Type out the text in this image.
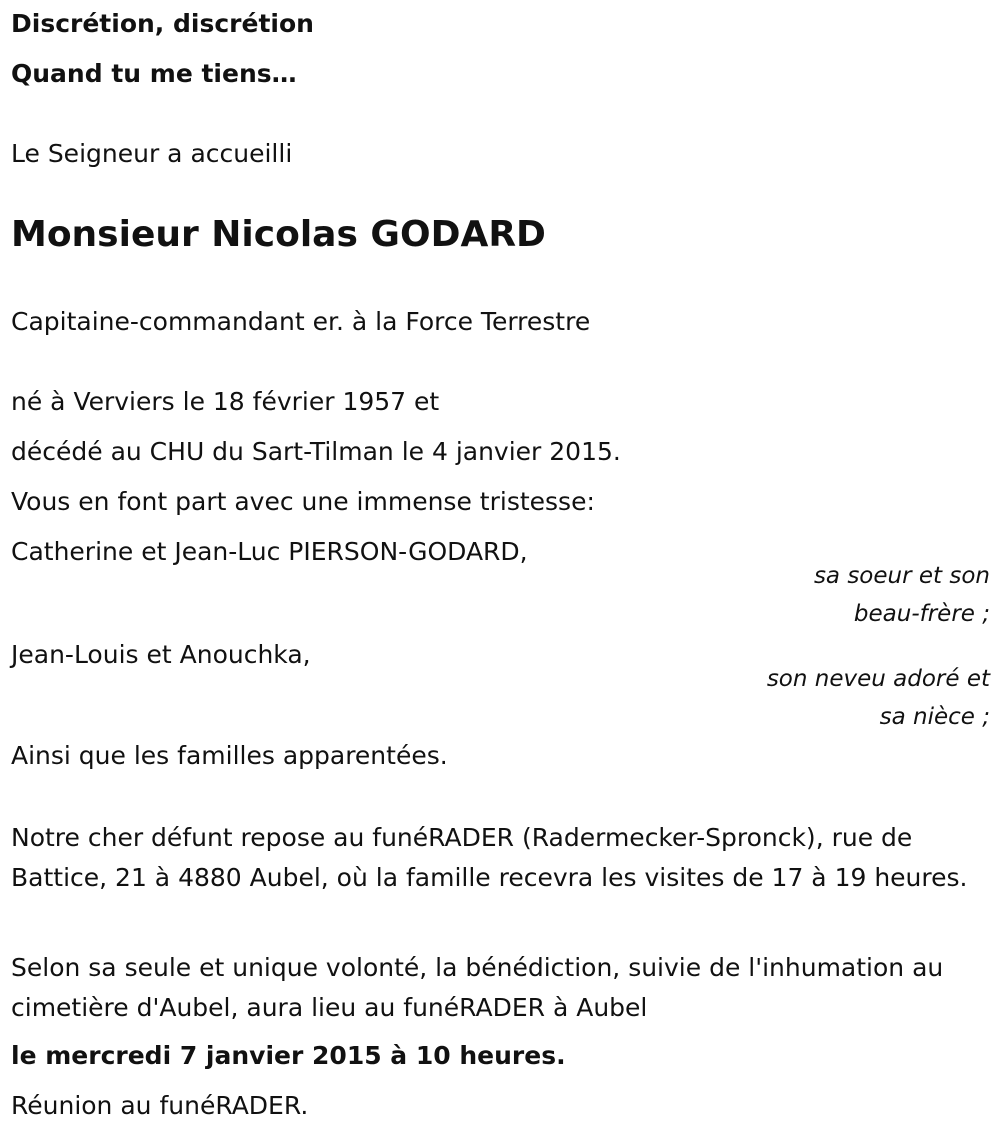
Discrétion, discrétion
Quand tu me tiens…
Le Seigneur a accueilli
Monsieur Nicolas GODARD
Capitaine-commandant er. à la Force Terrestre
né à Verviers le 18 février 1957 et
décédé au CHU du Sart-Tilman le 4 janvier 2015.
Vous en font part avec une immense tristesse:
Catherine et Jean-Luc PIERSON-GODARD,
sa soeur et son
beau-frère ;
Jean-Louis et Anouchka,
son neveu adoré et
sa nièce ;
Ainsi que les familles apparentées.
Notre cher défunt repose au funéRADER (Radermecker-Spronck), rue de Battice, 21 à 4880 Aubel, où la famille recevra les visites de 17 à 19 heures.
Selon sa seule et unique volonté, la bénédiction, suivie de l'inhumation au cimetière d'Aubel, aura lieu au funéRADER à Aubel
le mercredi 7 janvier 2015 à 10 heures.
Réunion au funéRADER.
